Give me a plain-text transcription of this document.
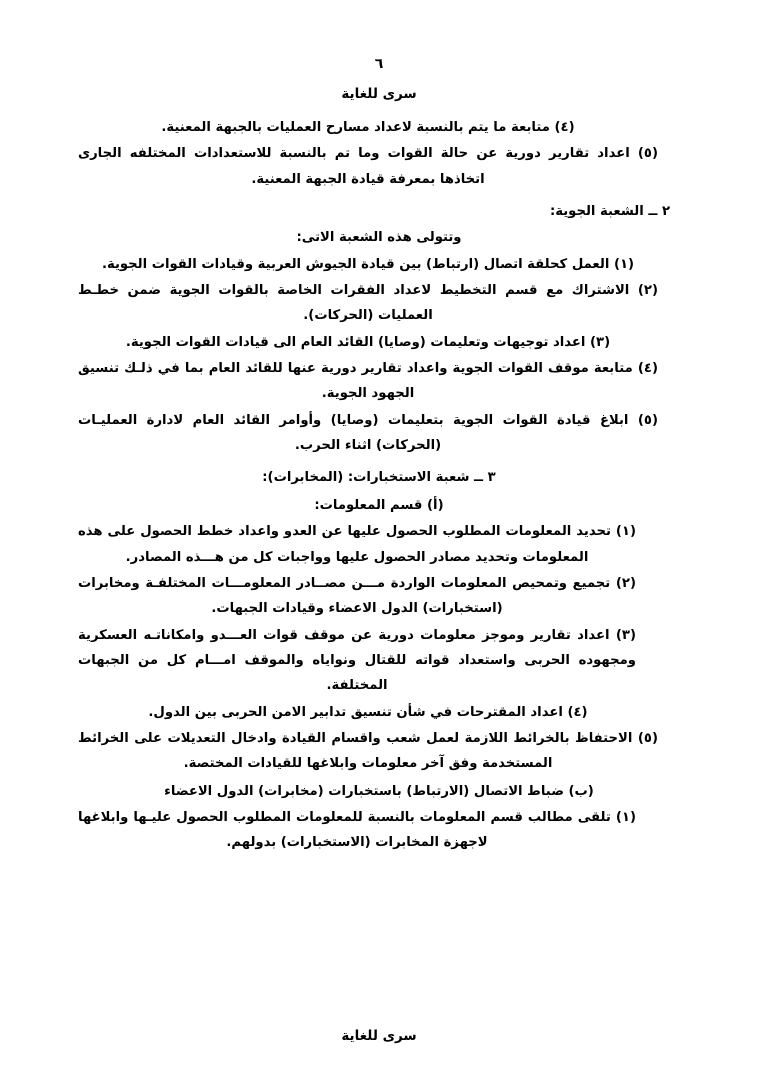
٦
سرى للغاية

(٤) متابعة ما يتم بالنسبة لاعداد مسارح العمليات بالجبهة المعنية.

(٥) اعداد تقارير دورية عن حالة القوات وما تم بالنسبة للاستعدادات المختلفه الجارى اتخاذها بمعرفة قيادة الجبهة المعنية.

٢ ــ الشعبة الجوية:

وتتولى هذه الشعبة الاتى:

(١) العمل كحلقة اتصال (ارتباط) بين قيادة الجيوش العربية وقيادات القوات الجوية.

(٢) الاشتراك مع قسم التخطيط لاعداد الفقرات الخاصة بالقوات الجوية ضمن خطـط العمليات (الحركات).

(٣) اعداد توجيهات وتعليمات (وصايا) القائد العام الى قيادات القوات الجوية.

(٤) متابعة موقف القوات الجوية واعداد تقارير دورية عنها للقائد العام بما في ذلـك تنسيق الجهود الجوية.

(٥) ابلاغ قيادة القوات الجوية بتعليمات (وصايا) وأوامر القائد العام لادارة العمليـات (الحركات) اثناء الحرب.

٣ ــ شعبة الاستخبارات: (المخابرات):

(أ) قسم المعلومات:

(١) تحديد المعلومات المطلوب الحصول عليها عن العدو واعداد خطط الحصول على هذه المعلومات وتحديد مصادر الحصول عليها وواجبات كل من هـــذه المصادر.

(٢) تجميع وتمحيص المعلومات الواردة مـــن مصــادر المعلومـــات المختلفـة ومخابرات (استخبارات) الدول الاعضاء وقيادات الجبهات.

(٣) اعداد تقارير وموجز معلومات دورية عن موقف قوات العـــدو وامكاناتـه العسكرية ومجهوده الحربى واستعداد قواته للقتال ونواياه والموقف امـــام كل من الجبهات المختلفة.

(٤) اعداد المقترحات في شأن تنسيق تدابير الامن الحربى بين الدول.

(٥) الاحتفاظ بالخرائط اللازمة لعمل شعب واقسام القيادة وادخال التعديلات على الخرائط المستخدمة وفق آخر معلومات وابلاغها للقيادات المختصة.

(ب) ضباط الاتصال (الارتباط) باستخبارات (مخابرات) الدول الاعضاء

(١) تلقى مطالب قسم المعلومات بالنسبة للمعلومات المطلوب الحصول عليـها وابلاغها لاجهزة المخابرات (الاستخبارات) بدولهم.

سرى للغاية
